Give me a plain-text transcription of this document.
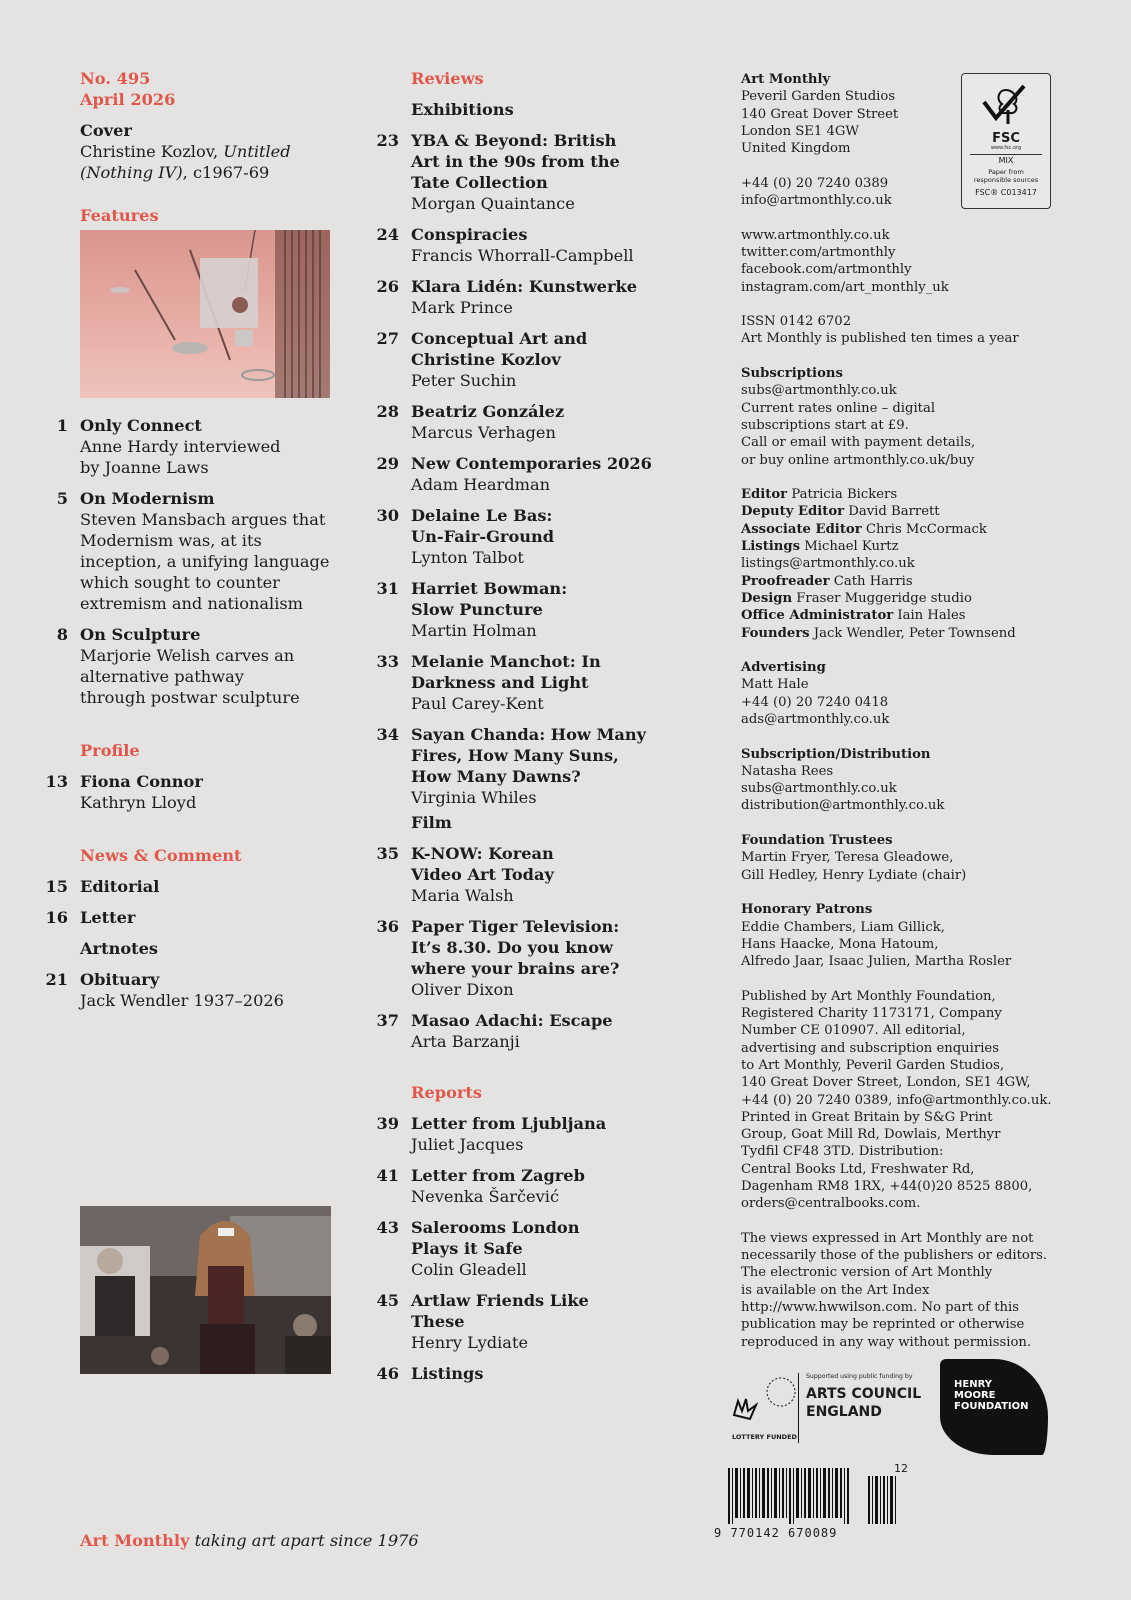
No. 495
April 2026
Cover
Christine Kozlov, Untitled (Nothing IV), c1967-69
Features
1 Only Connect
Anne Hardy interviewed by Joanne Laws
5 On Modernism
Steven Mansbach argues that Modernism was, at its inception, a unifying language which sought to counter extremism and nationalism
8 On Sculpture
Marjorie Welish carves an alternative pathway through postwar sculpture
Profile
13 Fiona Connor
Kathryn Lloyd
News & Comment
15 Editorial
16 Letter
Artnotes
21 Obituary
Jack Wendler 1937–2026
Reviews
Exhibitions
23 YBA & Beyond: British Art in the 90s from the Tate Collection
Morgan Quaintance
24 Conspiracies
Francis Whorrall-Campbell
26 Klara Lidén: Kunstwerke
Mark Prince
27 Conceptual Art and Christine Kozlov
Peter Suchin
28 Beatriz González
Marcus Verhagen
29 New Contemporaries 2026
Adam Heardman
30 Delaine Le Bas: Un-Fair-Ground
Lynton Talbot
31 Harriet Bowman: Slow Puncture
Martin Holman
33 Melanie Manchot: In Darkness and Light
Paul Carey-Kent
34 Sayan Chanda: How Many Fires, How Many Suns, How Many Dawns?
Virginia Whiles
Film
35 K-NOW: Korean Video Art Today
Maria Walsh
36 Paper Tiger Television: It’s 8.30. Do you know where your brains are?
Oliver Dixon
37 Masao Adachi: Escape
Arta Barzanji
Reports
39 Letter from Ljubljana
Juliet Jacques
41 Letter from Zagreb
Nevenka Šarčević
43 Salerooms London Plays it Safe
Colin Gleadell
45 Artlaw Friends Like These
Henry Lydiate
46 Listings

Art Monthly

Peveril Garden Studios

140 Great Dover Street

London SE1 4GW

United Kingdom

+44 (0) 20 7240 0389

info@artmonthly.co.uk

www.artmonthly.co.uk

twitter.com/artmonthly

facebook.com/artmonthly

instagram.com/art_monthly_uk

ISSN 0142 6702

Art Monthly is published ten times a year

Subscriptions

subs@artmonthly.co.uk

Current rates online – digital

subscriptions start at £9.

Call or email with payment details,

or buy online artmonthly.co.uk/buy

Editor Patricia Bickers

Deputy Editor David Barrett

Associate Editor Chris McCormack

Listings Michael Kurtz

listings@artmonthly.co.uk

Proofreader Cath Harris

Design Fraser Muggeridge studio

Office Administrator Iain Hales

Founders Jack Wendler, Peter Townsend

Advertising

Matt Hale

+44 (0) 20 7240 0418

ads@artmonthly.co.uk

Subscription/Distribution

Natasha Rees

subs@artmonthly.co.uk

distribution@artmonthly.co.uk

Foundation Trustees

Martin Fryer, Teresa Gleadowe,

Gill Hedley, Henry Lydiate (chair)

Honorary Patrons

Eddie Chambers, Liam Gillick,

Hans Haacke, Mona Hatoum,

Alfredo Jaar, Isaac Julien, Martha Rosler

Published by Art Monthly Foundation,

Registered Charity 1173171, Company

Number CE 010907. All editorial,

advertising and subscription enquiries

to Art Monthly, Peveril Garden Studios,

140 Great Dover Street, London, SE1 4GW,

+44 (0) 20 7240 0389, info@artmonthly.co.uk.

Printed in Great Britain by S&G Print

Group, Goat Mill Rd, Dowlais, Merthyr

Tydfil CF48 3TD. Distribution:

Central Books Ltd, Freshwater Rd,

Dagenham RM8 1RX, +44(0)20 8525 8800,

orders@centralbooks.com.

The views expressed in Art Monthly are not

necessarily those of the publishers or editors.

The electronic version of Art Monthly

is available on the Art Index

http://www.hwwilson.com. No part of this

publication may be reprinted or otherwise

reproduced in any way without permission.

FSC
www.fsc.org
MIX
Paper from responsible sources
FSC® C013417
LOTTERY FUNDED
Supported using public funding by
ARTS COUNCIL ENGLAND
HENRY MOORE FOUNDATION
12
9 770142 670089
Art Monthly taking art apart since 1976
